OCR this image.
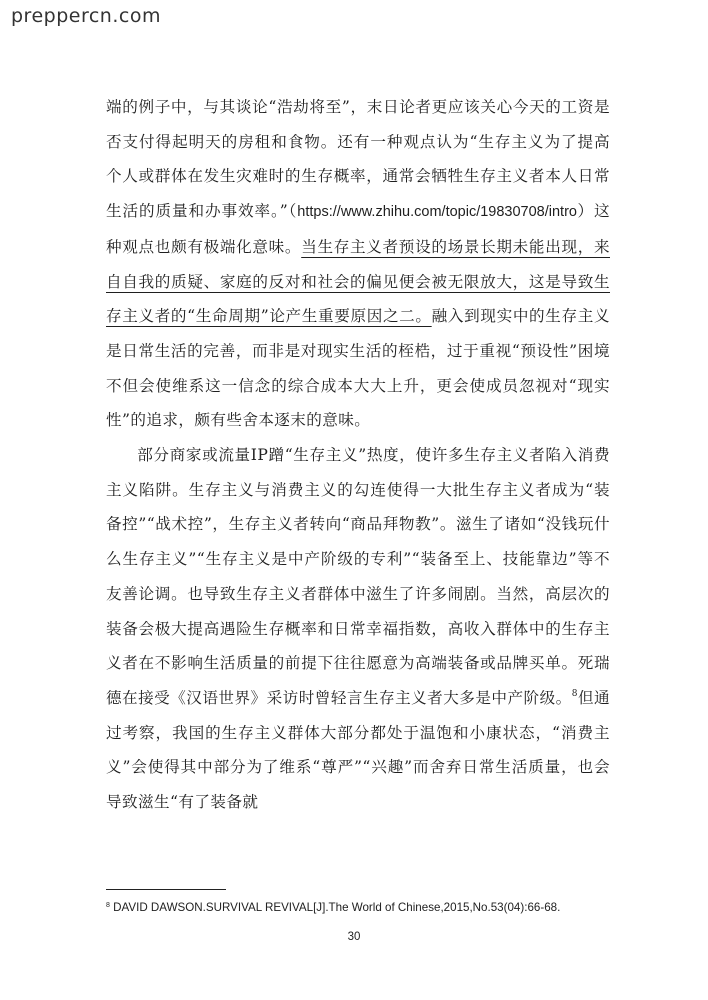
prepperc​n.com

端的例子中，与其谈论“浩劫将至”，末日论者更应该关心今天的工资是否支付得起明天的房租和食物。还有一种观点认为“生存主义为了提高个人或群体在发生灾难时的生存概率，通常会牺牲生存主义者本人日常生活的质量和办事效率。”（https://www.zhihu.com/topic/19830708/intro）这种观点也颇有极端化意味。当生存主义者预设的场景长期未能出现，来自自我的质疑、家庭的反对和社会的偏见便会被无限放大，这是导致生存主义者的“生命周期”论产生重要原因之二。融入到现实中的生存主义是日常生活的完善，而非是对现实生活的桎梏，过于重视“预设性”困境不但会使维系这一信念的综合成本大大上升，更会使成员忽视对“现实性”的追求，颇有些舍本逐末的意味。

部分商家或流量IP蹭“生存主义”热度，使许多生存主义者陷入消费主义陷阱。生存主义与消费主义的勾连使得一大批生存主义者成为“装备控”“战术控”，生存主义者转向“商品拜物教”。滋生了诸如“没钱玩什么生存主义”“生存主义是中产阶级的专利”“装备至上、技能靠边”等不友善论调。也导致生存主义者群体中滋生了许多闹剧。当然，高层次的装备会极大提高遇险生存概率和日常幸福指数，高收入群体中的生存主义者在不影响生活质量的前提下往往愿意为高端装备或品牌买单。死瑞德在接受《汉语世界》采访时曾轻言生存主义者大多是中产阶级。$^8$但通过考察，我国的生存主义群体大部分都处于温饱和小康状态，“消费主义”会使得其中部分为了维系“尊严”“兴趣”而舍弃日常生活质量，也会导致滋生“有了装备就

$^8$ DAVID DAWSON.SURVIVAL REVIVAL[J].The World of Chinese,2015,No.53(04):66-68.
30
